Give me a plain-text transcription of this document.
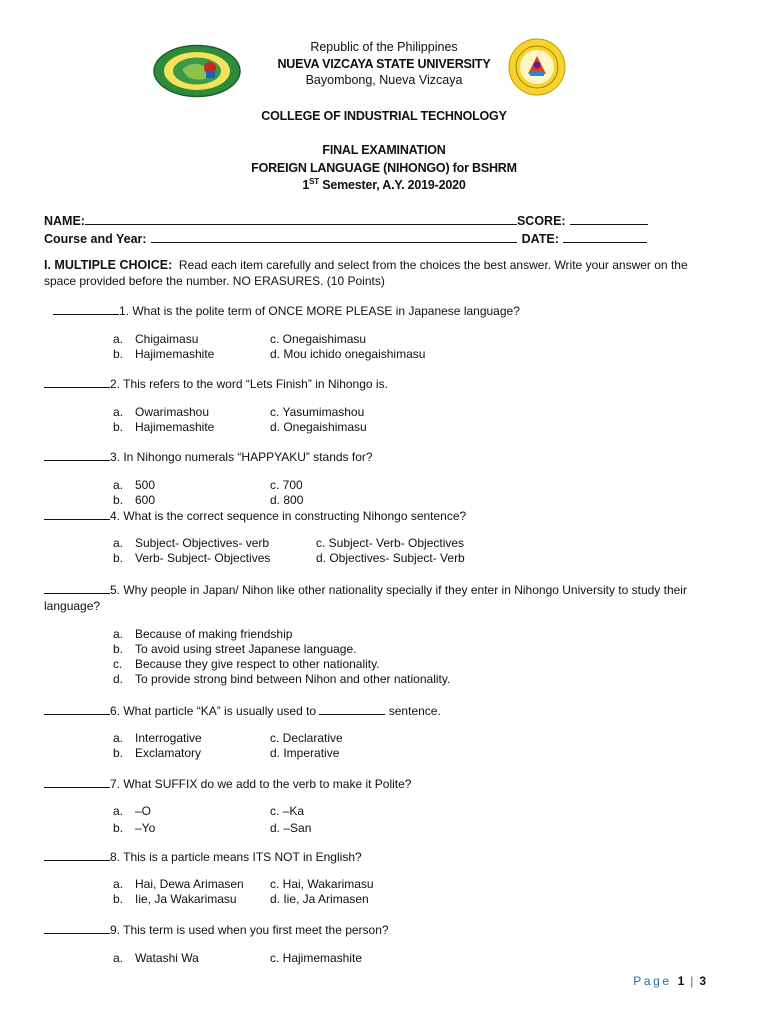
Republic of the Philippines
NUEVA VIZCAYA STATE UNIVERSITY
Bayombong, Nueva Vizcaya
COLLEGE OF INDUSTRIAL TECHNOLOGY
FINAL EXAMINATION
FOREIGN LANGUAGE (NIHONGO) for BSHRM
1ST Semester, A.Y. 2019-2020
NAME:	SCORE:
Course and Year:	DATE:
I. MULTIPLE CHOICE: Read each item carefully and select from the choices the best answer. Write your answer on the space provided before the number. NO ERASURES. (10 Points)
1. What is the polite term of ONCE MORE PLEASE in Japanese language?
a. Chigaimasu	c. Onegaishimasu
b. Hajimemashite	d. Mou ichido onegaishimasu
2. This refers to the word “Lets Finish” in Nihongo is.
a. Owarimashou	c. Yasumimashou
b. Hajimemashite	d. Onegaishimasu
3. In Nihongo numerals “HAPPYAKU” stands for?
a. 500	c. 700
b. 600	d. 800
4. What is the correct sequence in constructing Nihongo sentence?
a. Subject- Objectives- verb	c. Subject- Verb- Objectives
b. Verb- Subject- Objectives	d. Objectives- Subject- Verb
5. Why people in Japan/ Nihon like other nationality specially if they enter in Nihongo University to study their language?
a. Because of making friendship
b. To avoid using street Japanese language.
c. Because they give respect to other nationality.
d. To provide strong bind between Nihon and other nationality.
6. What particle “KA” is usually used to	sentence.
a. Interrogative	c. Declarative
b. Exclamatory	d. Imperative
7. What SUFFIX do we add to the verb to make it Polite?
a. –O	c. –Ka
b. –Yo	d. –San
8. This is a particle means ITS NOT in English?
a. Hai, Dewa Arimasen c. Hai, Wakarimasu
b. Iie, Ja Wakarimasu	d. Iie, Ja Arimasen
9. This term is used when you first meet the person?
a. Watashi Wa	c. Hajimemashite
Page 1 | 3
